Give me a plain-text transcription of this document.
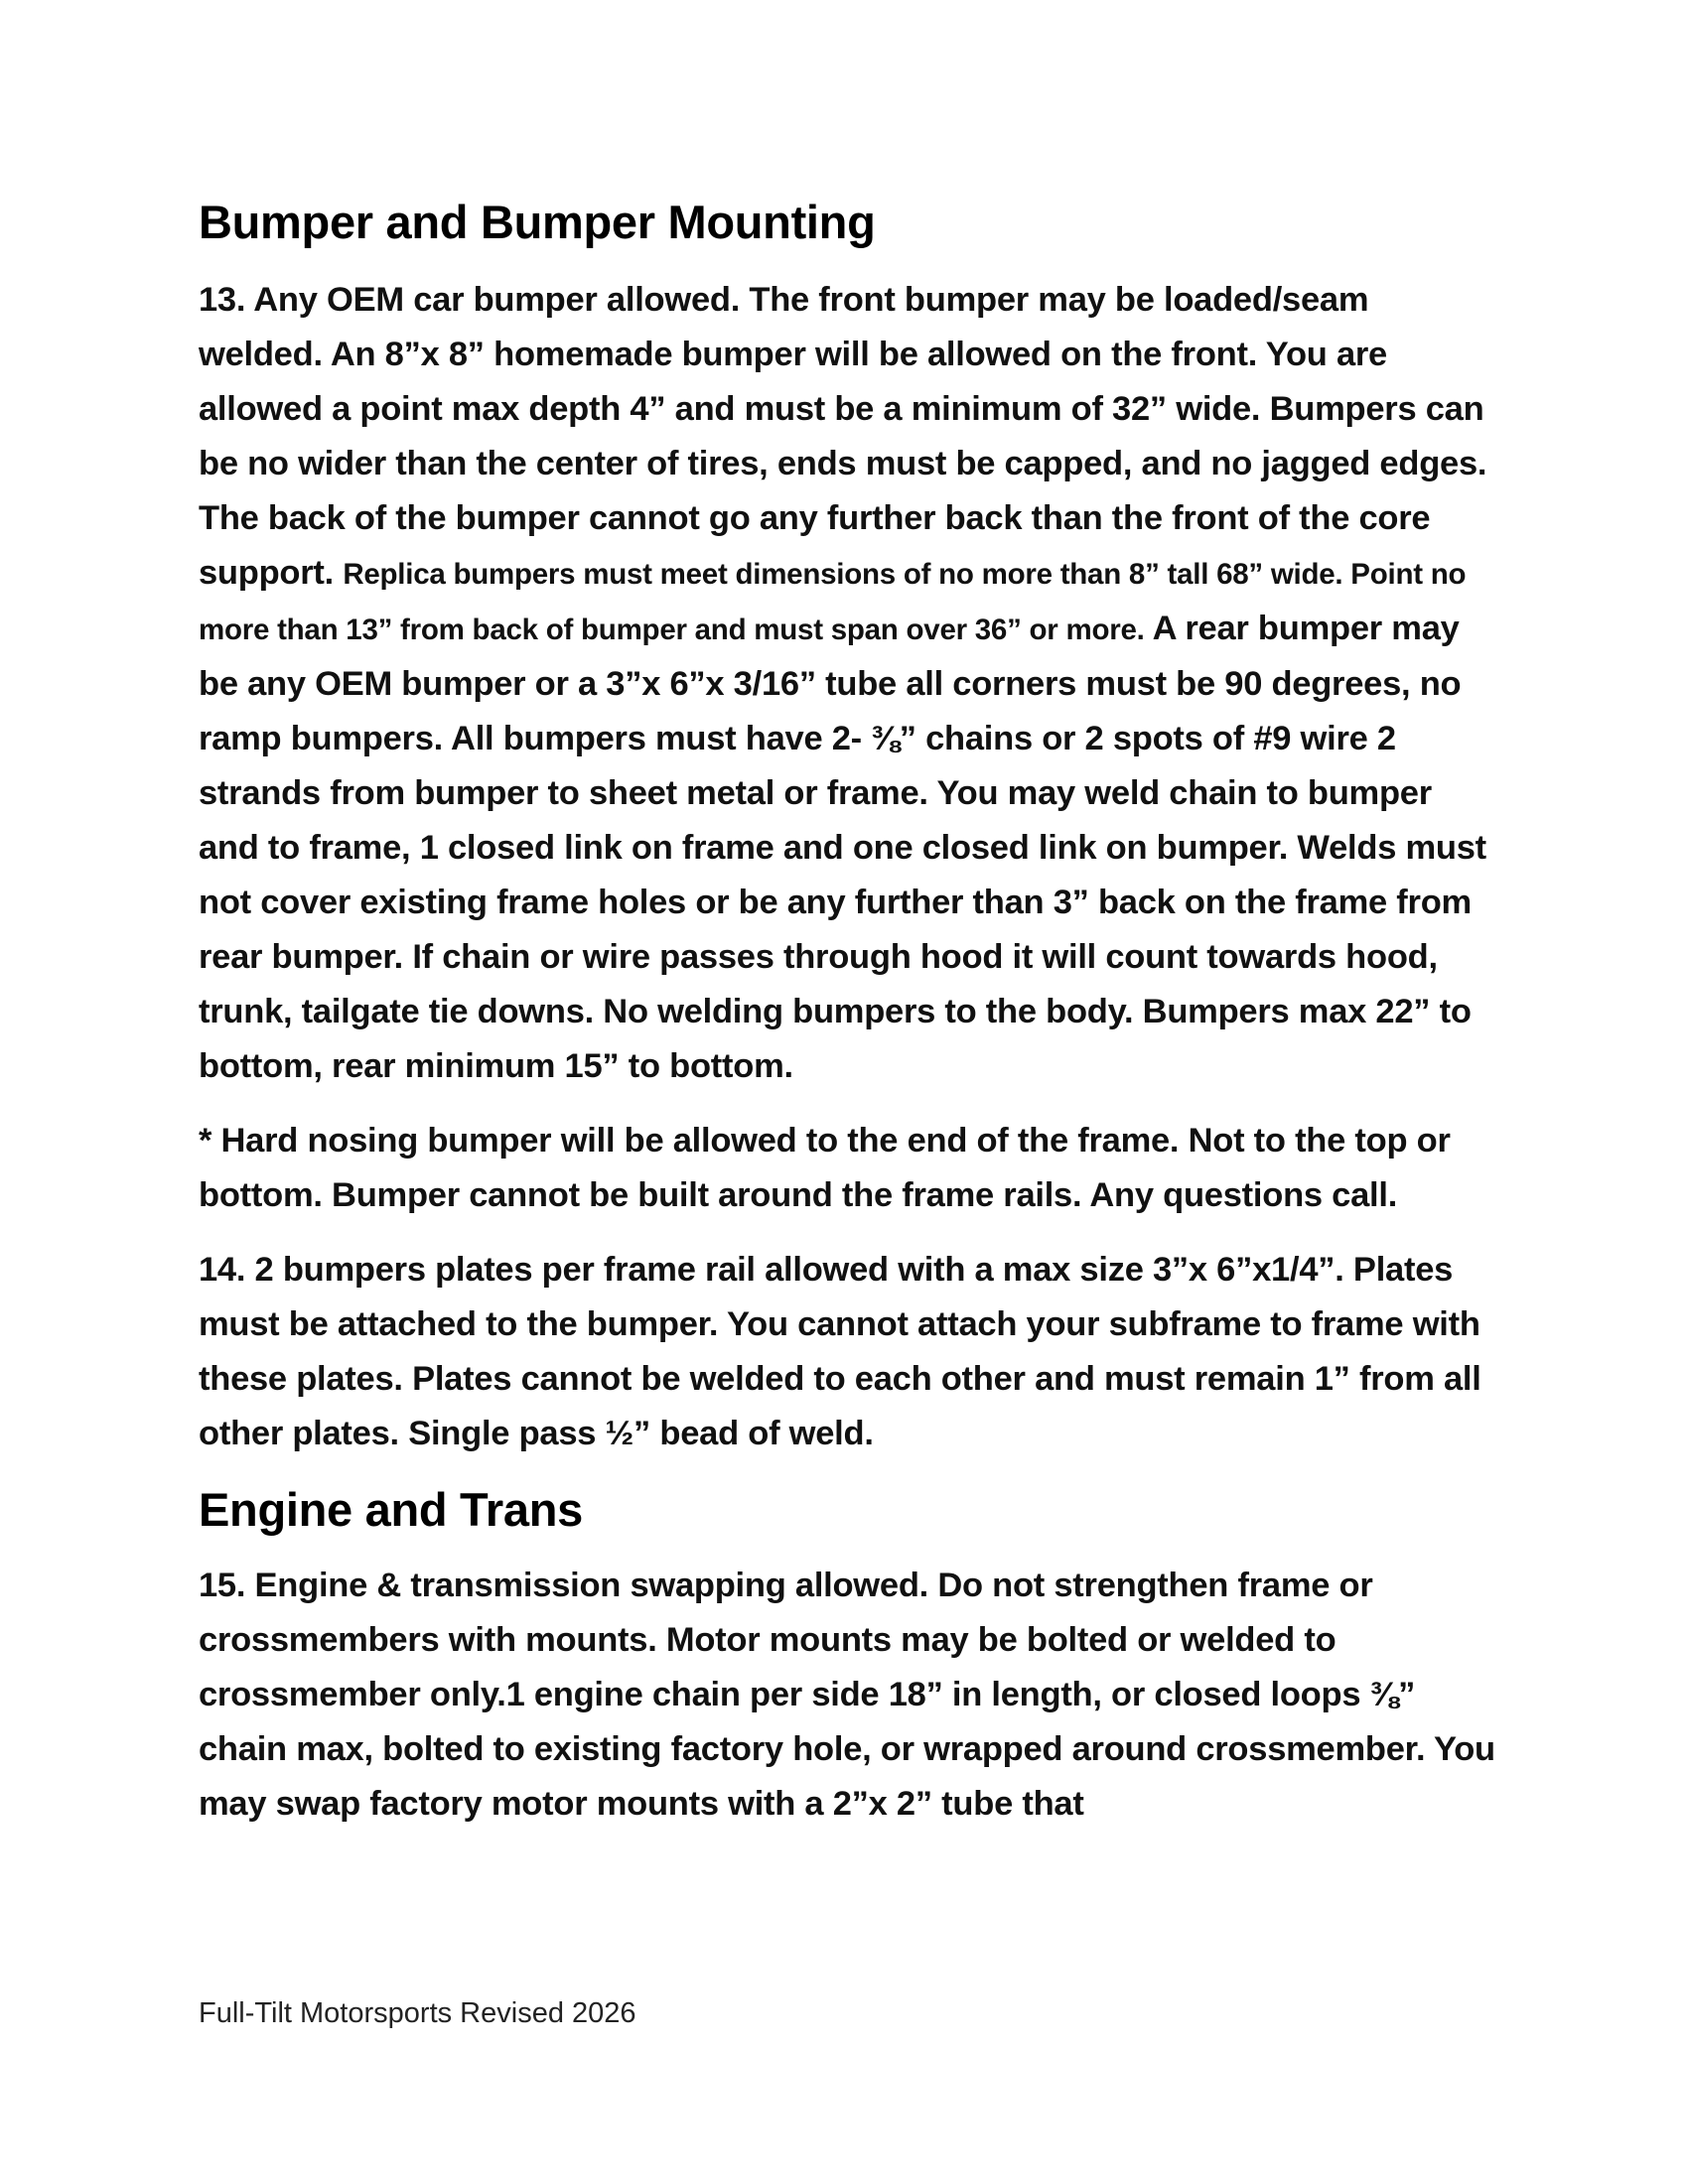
Bumper and Bumper Mounting

13. Any OEM car bumper allowed. The front bumper may be loaded/seam welded. An 8”x 8” homemade bumper will be allowed on the front. You are allowed a point max depth 4” and must be a minimum of 32” wide. Bumpers can be no wider than the center of tires, ends must be capped, and no jagged edges. The back of the bumper cannot go any further back than the front of the core support. Replica bumpers must meet dimensions of no more than 8” tall 68” wide. Point no more than 13” from back of bumper and must span over 36” or more. A rear bumper may be any OEM bumper or a 3”x 6”x 3/16” tube all corners must be 90 degrees, no ramp bumpers. All bumpers must have 2- ⅜” chains or 2 spots of #9 wire 2 strands from bumper to sheet metal or frame. You may weld chain to bumper and to frame, 1 closed link on frame and one closed link on bumper. Welds must not cover existing frame holes or be any further than 3” back on the frame from rear bumper. If chain or wire passes through hood it will count towards hood, trunk, tailgate tie downs. No welding bumpers to the body. Bumpers max 22” to bottom, rear minimum 15” to bottom.

* Hard nosing bumper will be allowed to the end of the frame. Not to the top or bottom. Bumper cannot be built around the frame rails. Any questions call.

14. 2 bumpers plates per frame rail allowed with a max size 3”x 6”x1/4”. Plates must be attached to the bumper. You cannot attach your subframe to frame with these plates. Plates cannot be welded to each other and must remain 1” from all other plates. Single pass ½” bead of weld.

Engine and Trans

15. Engine & transmission swapping allowed. Do not strengthen frame or crossmembers with mounts. Motor mounts may be bolted or welded to crossmember only.1 engine chain per side 18” in length, or closed loops ⅜” chain max, bolted to existing factory hole, or wrapped around crossmember. You may swap factory motor mounts with a 2”x 2” tube that

Full-Tilt Motorsports Revised 2026
